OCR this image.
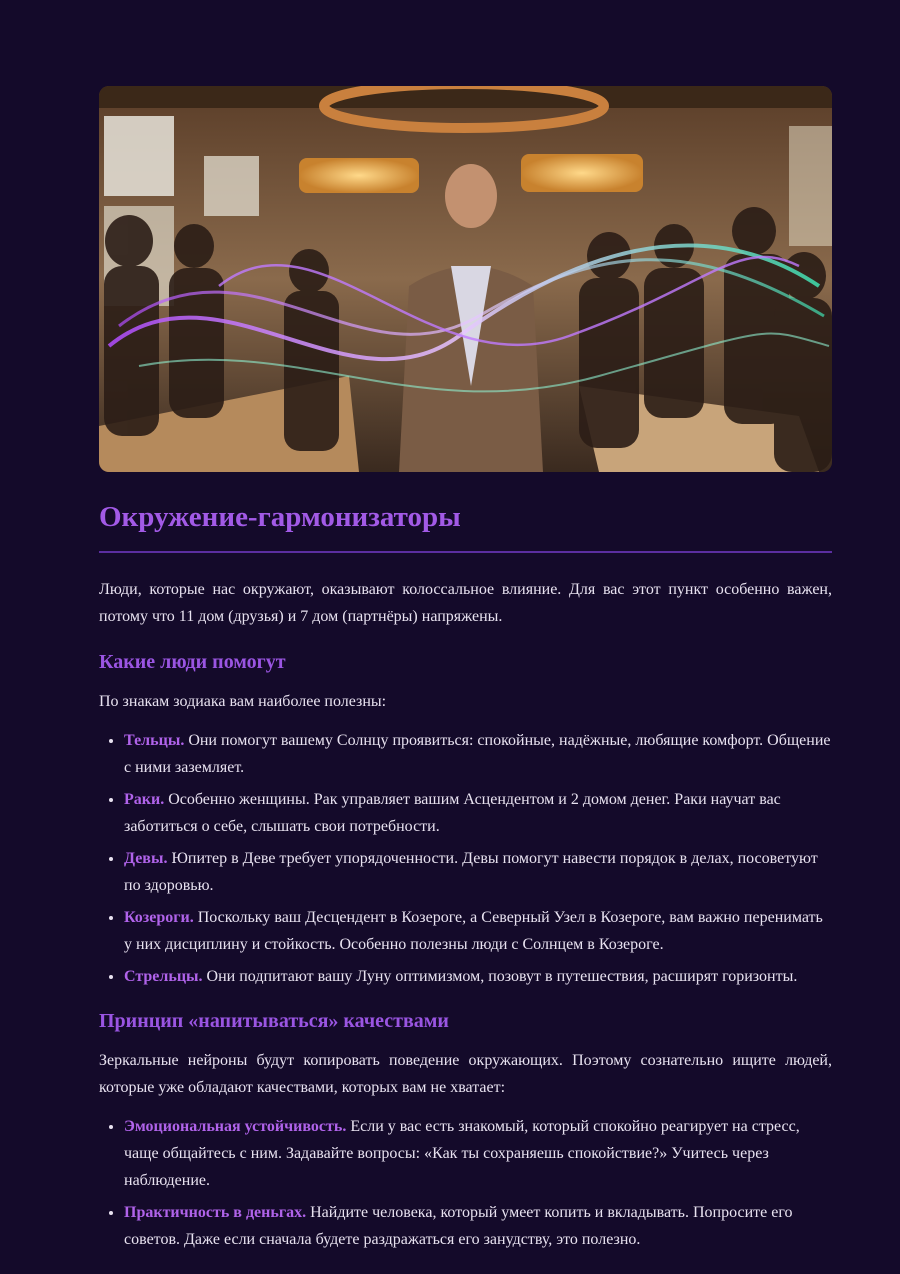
Окружение-гармонизаторы

Люди, которые нас окружают, оказывают колоссальное влияние. Для вас этот пункт особенно важен, потому что 11 дом (друзья) и 7 дом (партнёры) напряжены.

Какие люди помогут

По знакам зодиака вам наиболее полезны:

• Тельцы. Они помогут вашему Солнцу проявиться: спокойные, надёжные, любящие комфорт. Общение с ними заземляет.
• Раки. Особенно женщины. Рак управляет вашим Асцендентом и 2 домом денег. Раки научат вас заботиться о себе, слышать свои потребности.
• Девы. Юпитер в Деве требует упорядоченности. Девы помогут навести порядок в делах, посоветуют по здоровью.
• Козероги. Поскольку ваш Десцендент в Козероге, а Северный Узел в Козероге, вам важно перенимать у них дисциплину и стойкость. Особенно полезны люди с Солнцем в Козероге.
• Стрельцы. Они подпитают вашу Луну оптимизмом, позовут в путешествия, расширят горизонты.
Принцип «напитываться» качествами

Зеркальные нейроны будут копировать поведение окружающих. Поэтому сознательно ищите людей, которые уже обладают качествами, которых вам не хватает:

• Эмоциональная устойчивость. Если у вас есть знакомый, который спокойно реагирует на стресс, чаще общайтесь с ним. Задавайте вопросы: «Как ты сохраняешь спокойствие?» Учитесь через наблюдение.
• Практичность в деньгах. Найдите человека, который умеет копить и вкладывать. Попросите его советов. Даже если сначала будете раздражаться его занудству, это полезно.
